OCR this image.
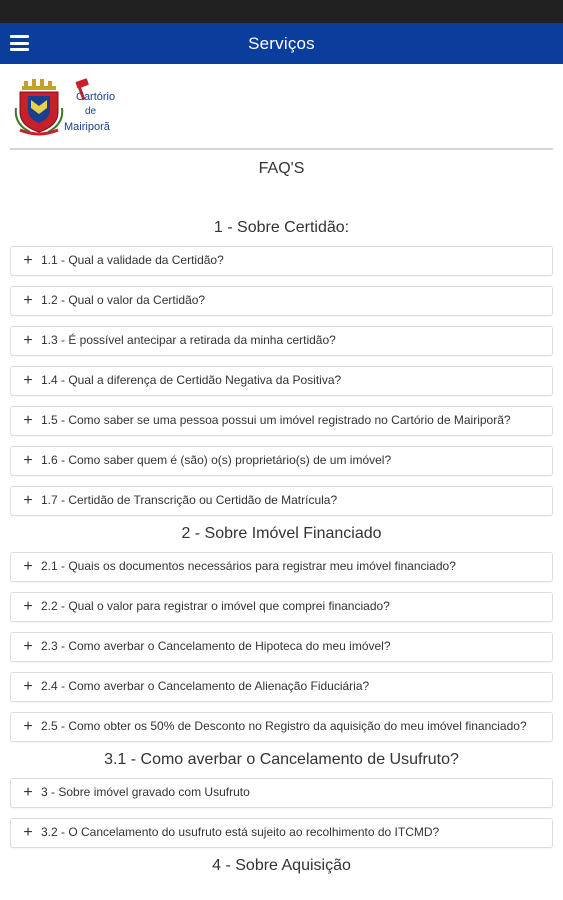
Serviços
Cartório
de
Mairiporã
FAQ'S
1 - Sobre Certidão:
+ 1.1 - Qual a validade da Certidão?
+ 1.2 - Qual o valor da Certidão?
+ 1.3 - É possível antecipar a retirada da minha certidão?
+ 1.4 - Qual a diferença de Certidão Negativa da Positiva?
+ 1.5 - Como saber se uma pessoa possui um imóvel registrado no Cartório de Mairiporã?
+ 1.6 - Como saber quem é (são) o(s) proprietário(s) de um imóvel?
+ 1.7 - Certidão de Transcrição ou Certidão de Matrícula?
2 - Sobre Imóvel Financiado
+ 2.1 - Quais os documentos necessários para registrar meu imóvel financiado?
+ 2.2 - Qual o valor para registrar o imóvel que comprei financiado?
+ 2.3 - Como averbar o Cancelamento de Hipoteca do meu imóvel?
+ 2.4 - Como averbar o Cancelamento de Alienação Fiduciária?
+ 2.5 - Como obter os 50% de Desconto no Registro da aquisição do meu imóvel financiado?
3.1 - Como averbar o Cancelamento de Usufruto?
+ 3 - Sobre imóvel gravado com Usufruto
+ 3.2 - O Cancelamento do usufruto está sujeito ao recolhimento do ITCMD?
4 - Sobre Aquisição
